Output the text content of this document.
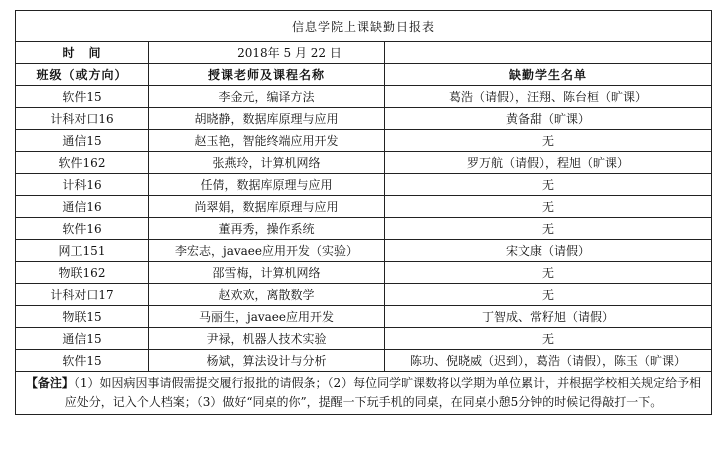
信息学院上课缺勤日报表		
时　间	2018年 5 月 22 日	
班级（或方向）	授课老师及课程名称	缺勤学生名单
软件15	李金元，编译方法	葛浩（请假），汪翔、陈台桓（旷课）
计科对口16	胡晓静，数据库原理与应用	黄备甜（旷课）
通信15	赵玉艳，智能终端应用开发	无
软件162	张燕玲，计算机网络	罗万航（请假），程旭（旷课）
计科16	任倩，数据库原理与应用	无
通信16	尚翠娟，数据库原理与应用	无
软件16	董再秀，操作系统	无
网工151	李宏志，javaee应用开发（实验）	宋文康（请假）
物联162	邵雪梅，计算机网络	无
计科对口17	赵欢欢，离散数学	无
物联15	马丽生，javaee应用开发	丁智成、常籽旭（请假）
通信15	尹禄，机器人技术实验	无
软件15	杨斌，算法设计与分析	陈功、倪晓威（迟到），葛浩（请假），陈玉（旷课）
【备注】（1）如因病因事请假需提交履行报批的请假条；（2）每位同学旷课数将以学期为单位累计，并根据学校相关规定给予相应处分，记入个人档案；（3）做好“同桌的你”，提醒一下玩手机的同桌，在同桌小憩5分钟的时候记得敲打一下。		
